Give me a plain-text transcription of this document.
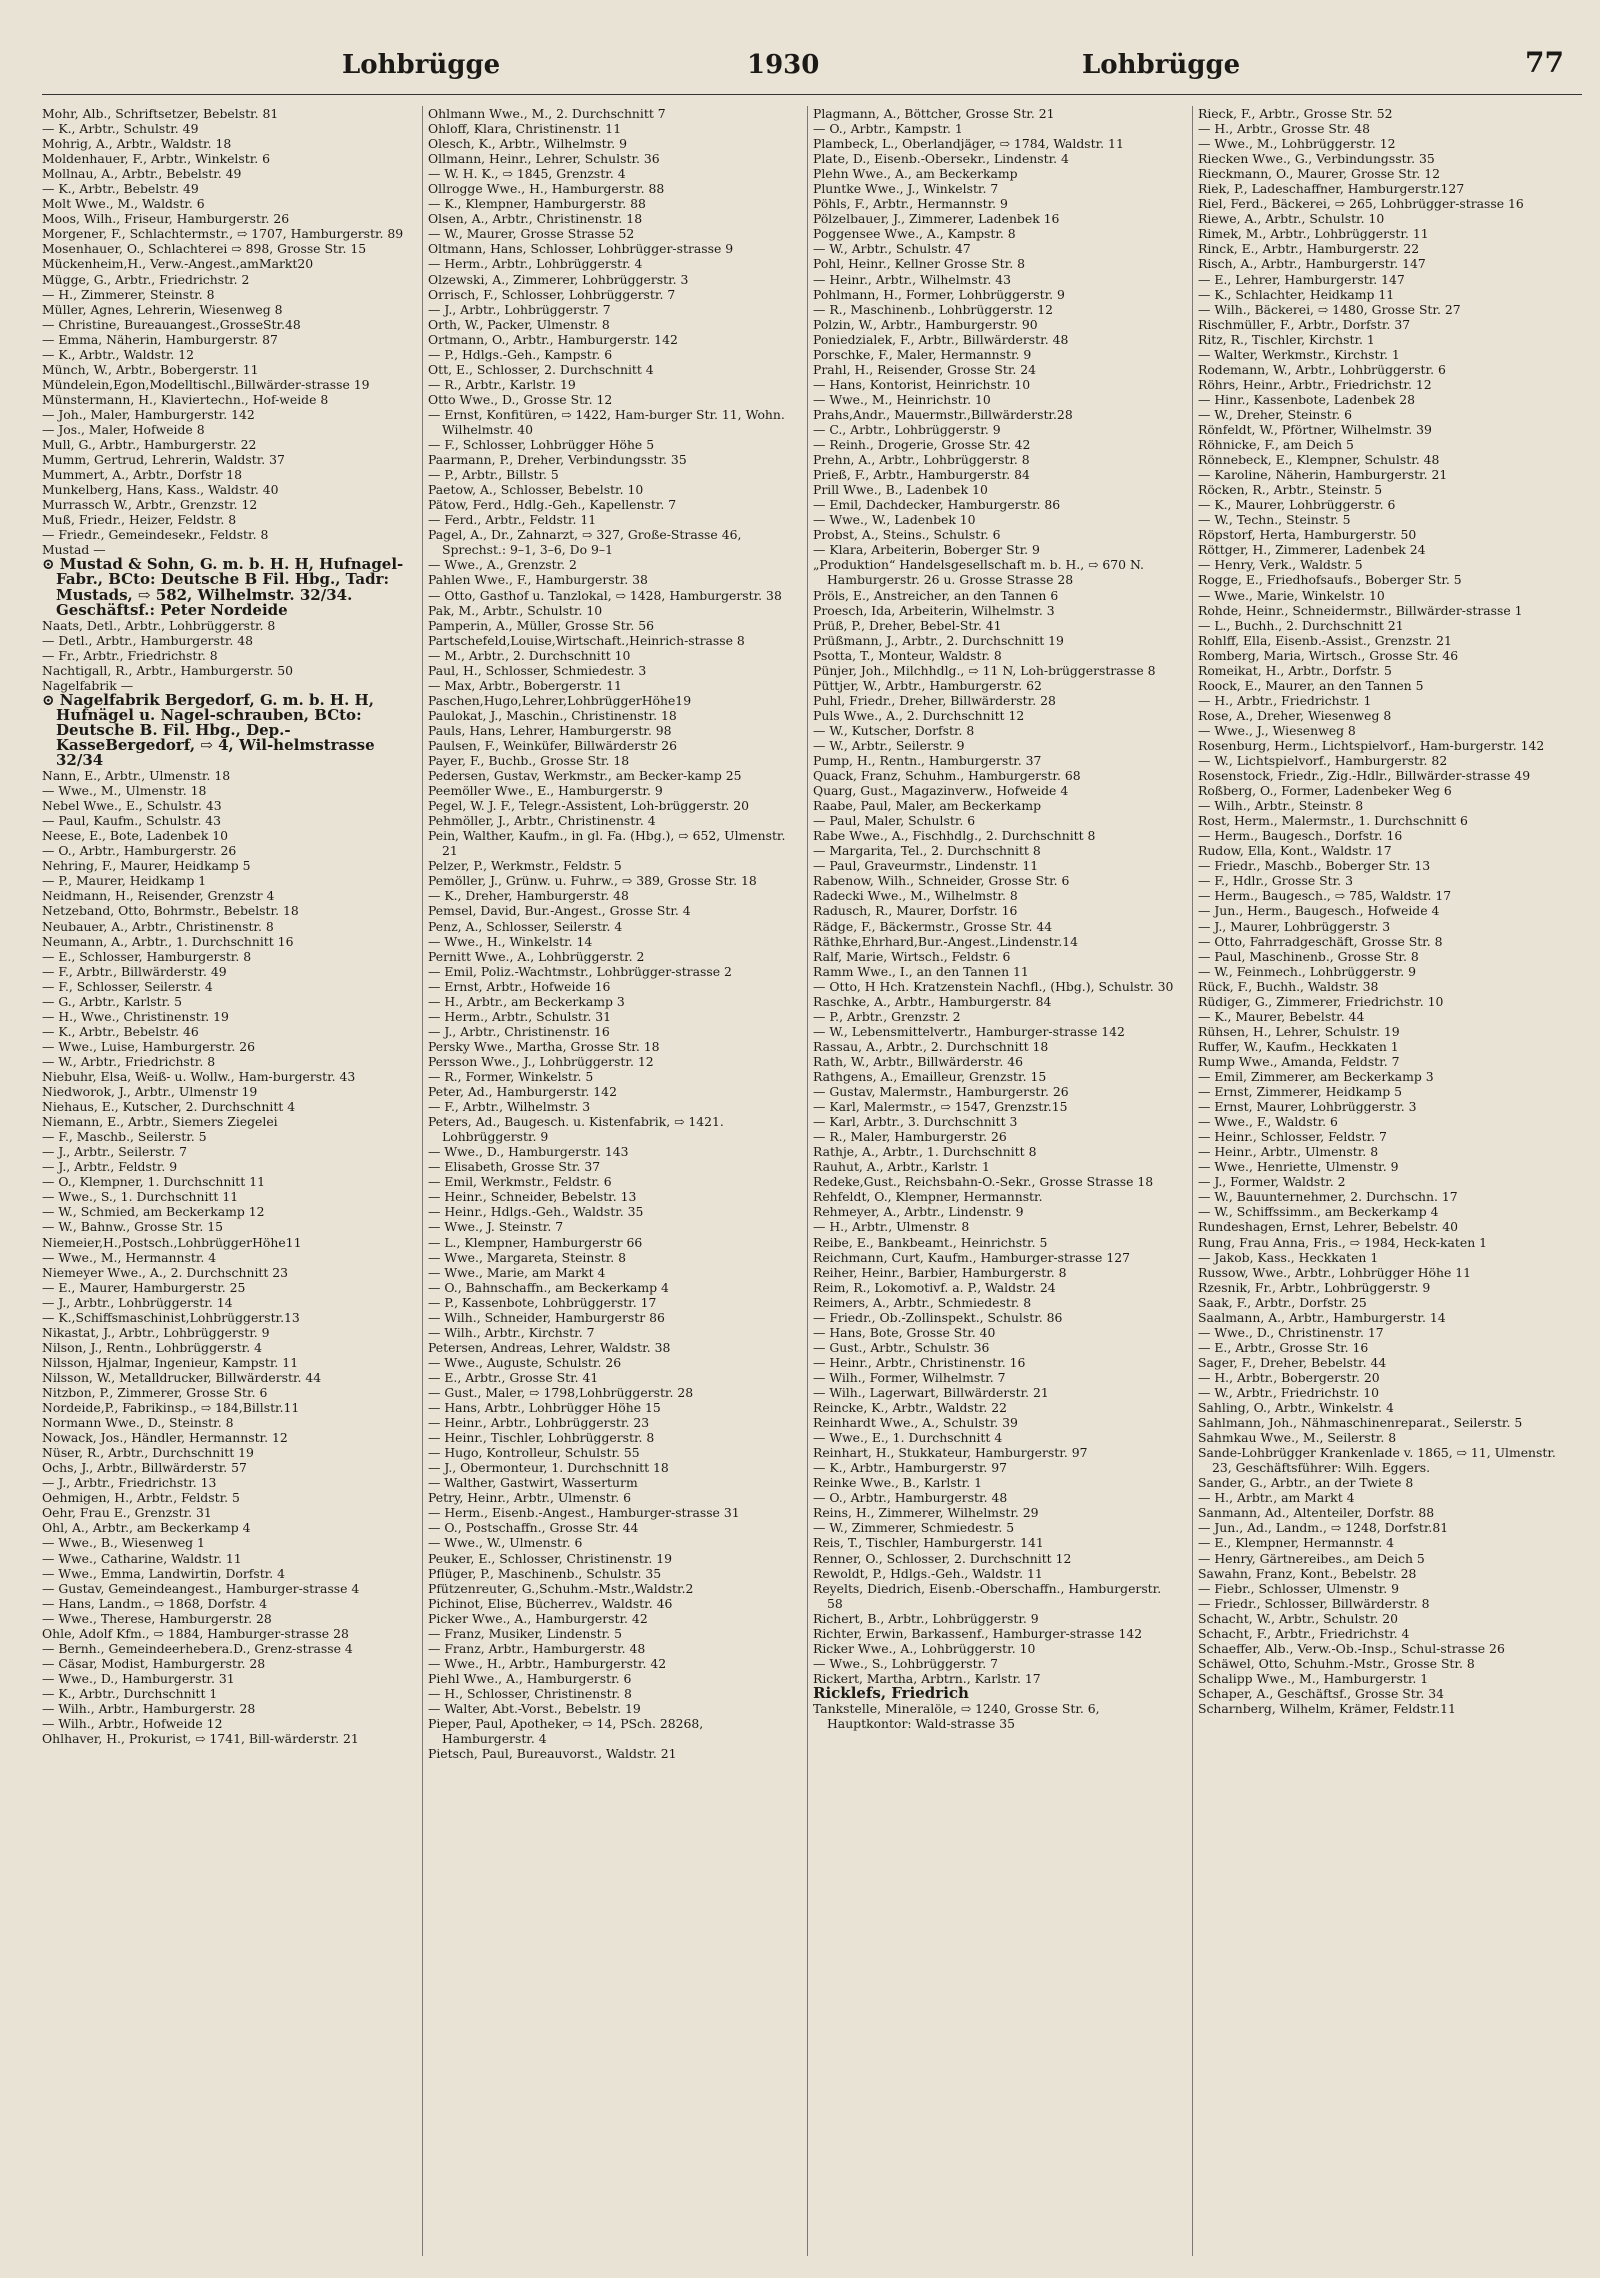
Lohbrügge	1930	Lohbrügge	77

Mohr, Alb., Schriftsetzer, Bebelstr. 81

— K., Arbtr., Schulstr. 49

Mohrig, A., Arbtr., Waldstr. 18

Moldenhauer, F., Arbtr., Winkelstr. 6

Mollnau, A., Arbtr., Bebelstr. 49

— K., Arbtr., Bebelstr. 49

Molt Wwe., M., Waldstr. 6

Moos, Wilh., Friseur, Hamburgerstr. 26

Morgener, F., Schlachtermstr., ⇨ 1707, Hamburgerstr. 89

Mosenhauer, O., Schlachterei ⇨ 898, Grosse Str. 15

Mückenheim,H., Verw.-Angest.,amMarkt20

Mügge, G., Arbtr., Friedrichstr. 2

— H., Zimmerer, Steinstr. 8

Müller, Agnes, Lehrerin, Wiesenweg 8

— Christine, Bureauangest.,GrosseStr.48

— Emma, Näherin, Hamburgerstr. 87

— K., Arbtr., Waldstr. 12

Münch, W., Arbtr., Bobergerstr. 11

Mündelein,Egon,Modelltischl.,Billwärder-strasse 19

Münstermann, H., Klaviertechn., Hof-weide 8

— Joh., Maler, Hamburgerstr. 142

— Jos., Maler, Hofweide 8

Mull, G., Arbtr., Hamburgerstr. 22

Mumm, Gertrud, Lehrerin, Waldstr. 37

Mummert, A., Arbtr., Dorfstr 18

Munkelberg, Hans, Kass., Waldstr. 40

Murrassch W., Arbtr., Grenzstr. 12

Muß, Friedr., Heizer, Feldstr. 8

— Friedr., Gemeindesekr., Feldstr. 8

Mustad —

⊙ Mustad & Sohn, G. m. b. H. H, Hufnagel-Fabr., BCto: Deutsche B Fil. Hbg., Tadr: Mustads, ⇨ 582, Wilhelmstr. 32/34. Geschäftsf.: Peter Nordeide

Naats, Detl., Arbtr., Lohbrüggerstr. 8

— Detl., Arbtr., Hamburgerstr. 48

— Fr., Arbtr., Friedrichstr. 8

Nachtigall, R., Arbtr., Hamburgerstr. 50

Nagelfabrik —

⊙ Nagelfabrik Bergedorf, G. m. b. H. H, Hufnägel u. Nagel-schrauben, BCto: Deutsche B. Fil. Hbg., Dep.-KasseBergedorf, ⇨ 4, Wil-helmstrasse 32/34

Nann, E., Arbtr., Ulmenstr. 18

— Wwe., M., Ulmenstr. 18

Nebel Wwe., E., Schulstr. 43

— Paul, Kaufm., Schulstr. 43

Neese, E., Bote, Ladenbek 10

— O., Arbtr., Hamburgerstr. 26

Nehring, F., Maurer, Heidkamp 5

— P., Maurer, Heidkamp 1

Neidmann, H., Reisender, Grenzstr 4

Netzeband, Otto, Bohrmstr., Bebelstr. 18

Neubauer, A., Arbtr., Christinenstr. 8

Neumann, A., Arbtr., 1. Durchschnitt 16

— E., Schlosser, Hamburgerstr. 8

— F., Arbtr., Billwärderstr. 49

— F., Schlosser, Seilerstr. 4

— G., Arbtr., Karlstr. 5

— H., Wwe., Christinenstr. 19

— K., Arbtr., Bebelstr. 46

— Wwe., Luise, Hamburgerstr. 26

— W., Arbtr., Friedrichstr. 8

Niebuhr, Elsa, Weiß- u. Wollw., Ham-burgerstr. 43

Niedworok, J., Arbtr., Ulmenstr 19

Niehaus, E., Kutscher, 2. Durchschnitt 4

Niemann, E., Arbtr., Siemers Ziegelei

— F., Maschb., Seilerstr. 5

— J., Arbtr., Seilerstr. 7

— J., Arbtr., Feldstr. 9

— O., Klempner, 1. Durchschnitt 11

— Wwe., S., 1. Durchschnitt 11

— W., Schmied, am Beckerkamp 12

— W., Bahnw., Grosse Str. 15

Niemeier,H.,Postsch.,LohbrüggerHöhe11

— Wwe., M., Hermannstr. 4

Niemeyer Wwe., A., 2. Durchschnitt 23

— E., Maurer, Hamburgerstr. 25

— J., Arbtr., Lohbrüggerstr. 14

— K.,Schiffsmaschinist,Lohbrüggerstr.13

Nikastat, J., Arbtr., Lohbrüggerstr. 9

Nilson, J., Rentn., Lohbrüggerstr. 4

Nilsson, Hjalmar, Ingenieur, Kampstr. 11

Nilsson, W., Metalldrucker, Billwärderstr. 44

Nitzbon, P., Zimmerer, Grosse Str. 6

Nordeide,P., Fabrikinsp., ⇨ 184,Billstr.11

Normann Wwe., D., Steinstr. 8

Nowack, Jos., Händler, Hermannstr. 12

Nüser, R., Arbtr., Durchschnitt 19

Ochs, J., Arbtr., Billwärderstr. 57

— J., Arbtr., Friedrichstr. 13

Oehmigen, H., Arbtr., Feldstr. 5

Oehr, Frau E., Grenzstr. 31

Ohl, A., Arbtr., am Beckerkamp 4

— Wwe., B., Wiesenweg 1

— Wwe., Catharine, Waldstr. 11

— Wwe., Emma, Landwirtin, Dorfstr. 4

— Gustav, Gemeindeangest., Hamburger-strasse 4

— Hans, Landm., ⇨ 1868, Dorfstr. 4

— Wwe., Therese, Hamburgerstr. 28

Ohle, Adolf Kfm., ⇨ 1884, Hamburger-strasse 28

— Bernh., Gemeindeerhebera.D., Grenz-strasse 4

— Cäsar, Modist, Hamburgerstr. 28

— Wwe., D., Hamburgerstr. 31

— K., Arbtr., Durchschnitt 1

— Wilh., Arbtr., Hamburgerstr. 28

— Wilh., Arbtr., Hofweide 12

Ohlhaver, H., Prokurist, ⇨ 1741, Bill-wärderstr. 21

Ohlmann Wwe., M., 2. Durchschnitt 7

Ohloff, Klara, Christinenstr. 11

Olesch, K., Arbtr., Wilhelmstr. 9

Ollmann, Heinr., Lehrer, Schulstr. 36

— W. H. K., ⇨ 1845, Grenzstr. 4

Ollrogge Wwe., H., Hamburgerstr. 88

— K., Klempner, Hamburgerstr. 88

Olsen, A., Arbtr., Christinenstr. 18

— W., Maurer, Grosse Strasse 52

Oltmann, Hans, Schlosser, Lohbrügger-strasse 9

— Herm., Arbtr., Lohbrüggerstr. 4

Olzewski, A., Zimmerer, Lohbrüggerstr. 3

Orrisch, F., Schlosser, Lohbrüggerstr. 7

— J., Arbtr., Lohbrüggerstr. 7

Orth, W., Packer, Ulmenstr. 8

Ortmann, O., Arbtr., Hamburgerstr. 142

— P., Hdlgs.-Geh., Kampstr. 6

Ott, E., Schlosser, 2. Durchschnitt 4

— R., Arbtr., Karlstr. 19

Otto Wwe., D., Grosse Str. 12

— Ernst, Konfitüren, ⇨ 1422, Ham-burger Str. 11, Wohn. Wilhelmstr. 40

— F., Schlosser, Lohbrügger Höhe 5

Paarmann, P., Dreher, Verbindungsstr. 35

— P., Arbtr., Billstr. 5

Paetow, A., Schlosser, Bebelstr. 10

Pätow, Ferd., Hdlg.-Geh., Kapellenstr. 7

— Ferd., Arbtr., Feldstr. 11

Pagel, A., Dr., Zahnarzt, ⇨ 327, Große-Strasse 46, Sprechst.: 9–1, 3–6, Do 9–1

— Wwe., A., Grenzstr. 2

Pahlen Wwe., F., Hamburgerstr. 38

— Otto, Gasthof u. Tanzlokal, ⇨ 1428, Hamburgerstr. 38

Pak, M., Arbtr., Schulstr. 10

Pamperin, A., Müller, Grosse Str. 56

Partschefeld,Louise,Wirtschaft.,Heinrich-strasse 8

— M., Arbtr., 2. Durchschnitt 10

Paul, H., Schlosser, Schmiedestr. 3

— Max, Arbtr., Bobergerstr. 11

Paschen,Hugo,Lehrer,LohbrüggerHöhe19

Paulokat, J., Maschin., Christinenstr. 18

Pauls, Hans, Lehrer, Hamburgerstr. 98

Paulsen, F., Weinküfer, Billwärderstr 26

Payer, F., Buchb., Grosse Str. 18

Pedersen, Gustav, Werkmstr., am Becker-kamp 25

Peemöller Wwe., E., Hamburgerstr. 9

Pegel, W. J. F., Telegr.-Assistent, Loh-brüggerstr. 20

Pehmöller, J., Arbtr., Christinenstr. 4

Pein, Walther, Kaufm., in gl. Fa. (Hbg.), ⇨ 652, Ulmenstr. 21

Pelzer, P., Werkmstr., Feldstr. 5

Pemöller, J., Grünw. u. Fuhrw., ⇨ 389, Grosse Str. 18

— K., Dreher, Hamburgerstr. 48

Pemsel, David, Bur.-Angest., Grosse Str. 4

Penz, A., Schlosser, Seilerstr. 4

— Wwe., H., Winkelstr. 14

Pernitt Wwe., A., Lohbrüggerstr. 2

— Emil, Poliz.-Wachtmstr., Lohbrügger-strasse 2

— Ernst, Arbtr., Hofweide 16

— H., Arbtr., am Beckerkamp 3

— Herm., Arbtr., Schulstr. 31

— J., Arbtr., Christinenstr. 16

Persky Wwe., Martha, Grosse Str. 18

Persson Wwe., J., Lohbrüggerstr. 12

— R., Former, Winkelstr. 5

Peter, Ad., Hamburgerstr. 142

— F., Arbtr., Wilhelmstr. 3

Peters, Ad., Baugesch. u. Kistenfabrik, ⇨ 1421. Lohbrüggerstr. 9

— Wwe., D., Hamburgerstr. 143

— Elisabeth, Grosse Str. 37

— Emil, Werkmstr., Feldstr. 6

— Heinr., Schneider, Bebelstr. 13

— Heinr., Hdlgs.-Geh., Waldstr. 35

— Wwe., J. Steinstr. 7

— L., Klempner, Hamburgerstr 66

— Wwe., Margareta, Steinstr. 8

— Wwe., Marie, am Markt 4

— O., Bahnschaffn., am Beckerkamp 4

— P., Kassenbote, Lohbrüggerstr. 17

— Wilh., Schneider, Hamburgerstr 86

— Wilh., Arbtr., Kirchstr. 7

Petersen, Andreas, Lehrer, Waldstr. 38

— Wwe., Auguste, Schulstr. 26

— E., Arbtr., Grosse Str. 41

— Gust., Maler, ⇨ 1798,Lohbrüggerstr. 28

— Hans, Arbtr., Lohbrügger Höhe 15

— Heinr., Arbtr., Lohbrüggerstr. 23

— Heinr., Tischler, Lohbrüggerstr. 8

— Hugo, Kontrolleur, Schulstr. 55

— J., Obermonteur, 1. Durchschnitt 18

— Walther, Gastwirt, Wasserturm

Petry, Heinr., Arbtr., Ulmenstr. 6

— Herm., Eisenb.-Angest., Hamburger-strasse 31

— O., Postschaffn., Grosse Str. 44

— Wwe., W., Ulmenstr. 6

Peuker, E., Schlosser, Christinenstr. 19

Pflüger, P., Maschinenb., Schulstr. 35

Pfützenreuter, G.,Schuhm.-Mstr.,Waldstr.2

Pichinot, Elise, Bücherrev., Waldstr. 46

Picker Wwe., A., Hamburgerstr. 42

— Franz, Musiker, Lindenstr. 5

— Franz, Arbtr., Hamburgerstr. 48

— Wwe., H., Arbtr., Hamburgerstr. 42

Piehl Wwe., A., Hamburgerstr. 6

— H., Schlosser, Christinenstr. 8

— Walter, Abt.-Vorst., Bebelstr. 19

Pieper, Paul, Apotheker, ⇨ 14, PSch. 28268, Hamburgerstr. 4

Pietsch, Paul, Bureauvorst., Waldstr. 21

Plagmann, A., Böttcher, Grosse Str. 21

— O., Arbtr., Kampstr. 1

Plambeck, L., Oberlandjäger, ⇨ 1784, Waldstr. 11

Plate, D., Eisenb.-Obersekr., Lindenstr. 4

Plehn Wwe., A., am Beckerkamp

Pluntke Wwe., J., Winkelstr. 7

Pöhls, F., Arbtr., Hermannstr. 9

Pölzelbauer, J., Zimmerer, Ladenbek 16

Poggensee Wwe., A., Kampstr. 8

— W., Arbtr., Schulstr. 47

Pohl, Heinr., Kellner Grosse Str. 8

— Heinr., Arbtr., Wilhelmstr. 43

Pohlmann, H., Former, Lohbrüggerstr. 9

— R., Maschinenb., Lohbrüggerstr. 12

Polzin, W., Arbtr., Hamburgerstr. 90

Poniedzialek, F., Arbtr., Billwärderstr. 48

Porschke, F., Maler, Hermannstr. 9

Prahl, H., Reisender, Grosse Str. 24

— Hans, Kontorist, Heinrichstr. 10

— Wwe., M., Heinrichstr. 10

Prahs,Andr., Mauermstr.,Billwärderstr.28

— C., Arbtr., Lohbrüggerstr. 9

— Reinh., Drogerie, Grosse Str. 42

Prehn, A., Arbtr., Lohbrüggerstr. 8

Prieß, F., Arbtr., Hamburgerstr. 84

Prill Wwe., B., Ladenbek 10

— Emil, Dachdecker, Hamburgerstr. 86

— Wwe., W., Ladenbek 10

Probst, A., Steins., Schulstr. 6

— Klara, Arbeiterin, Boberger Str. 9

„Produktion“ Handelsgesellschaft m. b. H., ⇨ 670 N. Hamburgerstr. 26 u. Grosse Strasse 28

Pröls, E., Anstreicher, an den Tannen 6

Proesch, Ida, Arbeiterin, Wilhelmstr. 3

Prüß, P., Dreher, Bebel-Str. 41

Prüßmann, J., Arbtr., 2. Durchschnitt 19

Psotta, T., Monteur, Waldstr. 8

Pünjer, Joh., Milchhdlg., ⇨ 11 N, Loh-brüggerstrasse 8

Püttjer, W., Arbtr., Hamburgerstr. 62

Puhl, Friedr., Dreher, Billwärderstr. 28

Puls Wwe., A., 2. Durchschnitt 12

— W., Kutscher, Dorfstr. 8

— W., Arbtr., Seilerstr. 9

Pump, H., Rentn., Hamburgerstr. 37

Quack, Franz, Schuhm., Hamburgerstr. 68

Quarg, Gust., Magazinverw., Hofweide 4

Raabe, Paul, Maler, am Beckerkamp

— Paul, Maler, Schulstr. 6

Rabe Wwe., A., Fischhdlg., 2. Durchschnitt 8

— Margarita, Tel., 2. Durchschnitt 8

— Paul, Graveurmstr., Lindenstr. 11

Rabenow, Wilh., Schneider, Grosse Str. 6

Radecki Wwe., M., Wilhelmstr. 8

Radusch, R., Maurer, Dorfstr. 16

Rädge, F., Bäckermstr., Grosse Str. 44

Räthke,Ehrhard,Bur.-Angest.,Lindenstr.14

Ralf, Marie, Wirtsch., Feldstr. 6

Ramm Wwe., I., an den Tannen 11

— Otto, H Hch. Kratzenstein Nachfl., (Hbg.), Schulstr. 30

Raschke, A., Arbtr., Hamburgerstr. 84

— P., Arbtr., Grenzstr. 2

— W., Lebensmittelvertr., Hamburger-strasse 142

Rassau, A., Arbtr., 2. Durchschnitt 18

Rath, W., Arbtr., Billwärderstr. 46

Rathgens, A., Emailleur, Grenzstr. 15

— Gustav, Malermstr., Hamburgerstr. 26

— Karl, Malermstr., ⇨ 1547, Grenzstr.15

— Karl, Arbtr., 3. Durchschnitt 3

— R., Maler, Hamburgerstr. 26

Rathje, A., Arbtr., 1. Durchschnitt 8

Rauhut, A., Arbtr., Karlstr. 1

Redeke,Gust., Reichsbahn-O.-Sekr., Grosse Strasse 18

Rehfeldt, O., Klempner, Hermannstr.

Rehmeyer, A., Arbtr., Lindenstr. 9

— H., Arbtr., Ulmenstr. 8

Reibe, E., Bankbeamt., Heinrichstr. 5

Reichmann, Curt, Kaufm., Hamburger-strasse 127

Reiher, Heinr., Barbier, Hamburgerstr. 8

Reim, R., Lokomotivf. a. P., Waldstr. 24

Reimers, A., Arbtr., Schmiedestr. 8

— Friedr., Ob.-Zollinspekt., Schulstr. 86

— Hans, Bote, Grosse Str. 40

— Gust., Arbtr., Schulstr. 36

— Heinr., Arbtr., Christinenstr. 16

— Wilh., Former, Wilhelmstr. 7

— Wilh., Lagerwart, Billwärderstr. 21

Reincke, K., Arbtr., Waldstr. 22

Reinhardt Wwe., A., Schulstr. 39

— Wwe., E., 1. Durchschnitt 4

Reinhart, H., Stukkateur, Hamburgerstr. 97

— K., Arbtr., Hamburgerstr. 97

Reinke Wwe., B., Karlstr. 1

— O., Arbtr., Hamburgerstr. 48

Reins, H., Zimmerer, Wilhelmstr. 29

— W., Zimmerer, Schmiedestr. 5

Reis, T., Tischler, Hamburgerstr. 141

Renner, O., Schlosser, 2. Durchschnitt 12

Rewoldt, P., Hdlgs.-Geh., Waldstr. 11

Reyelts, Diedrich, Eisenb.-Oberschaffn., Hamburgerstr. 58

Richert, B., Arbtr., Lohbrüggerstr. 9

Richter, Erwin, Barkassenf., Hamburger-strasse 142

Ricker Wwe., A., Lohbrüggerstr. 10

— Wwe., S., Lohbrüggerstr. 7

Rickert, Martha, Arbtrn., Karlstr. 17

Ricklefs, Friedrich

Tankstelle, Mineralöle, ⇨ 1240, Grosse Str. 6, Hauptkontor: Wald-strasse 35

Rieck, F., Arbtr., Grosse Str. 52

— H., Arbtr., Grosse Str. 48

— Wwe., M., Lohbrüggerstr. 12

Riecken Wwe., G., Verbindungsstr. 35

Rieckmann, O., Maurer, Grosse Str. 12

Riek, P., Ladeschaffner, Hamburgerstr.127

Riel, Ferd., Bäckerei, ⇨ 265, Lohbrügger-strasse 16

Riewe, A., Arbtr., Schulstr. 10

Rimek, M., Arbtr., Lohbrüggerstr. 11

Rinck, E., Arbtr., Hamburgerstr. 22

Risch, A., Arbtr., Hamburgerstr. 147

— E., Lehrer, Hamburgerstr. 147

— K., Schlachter, Heidkamp 11

— Wilh., Bäckerei, ⇨ 1480, Grosse Str. 27

Rischmüller, F., Arbtr., Dorfstr. 37

Ritz, R., Tischler, Kirchstr. 1

— Walter, Werkmstr., Kirchstr. 1

Rodemann, W., Arbtr., Lohbrüggerstr. 6

Röhrs, Heinr., Arbtr., Friedrichstr. 12

— Hinr., Kassenbote, Ladenbek 28

— W., Dreher, Steinstr. 6

Rönfeldt, W., Pförtner, Wilhelmstr. 39

Röhnicke, F., am Deich 5

Rönnebeck, E., Klempner, Schulstr. 48

— Karoline, Näherin, Hamburgerstr. 21

Röcken, R., Arbtr., Steinstr. 5

— K., Maurer, Lohbrüggerstr. 6

— W., Techn., Steinstr. 5

Röpstorf, Herta, Hamburgerstr. 50

Röttger, H., Zimmerer, Ladenbek 24

— Henry, Verk., Waldstr. 5

Rogge, E., Friedhofsaufs., Boberger Str. 5

— Wwe., Marie, Winkelstr. 10

Rohde, Heinr., Schneidermstr., Billwärder-strasse 1

— L., Buchh., 2. Durchschnitt 21

Rohlff, Ella, Eisenb.-Assist., Grenzstr. 21

Romberg, Maria, Wirtsch., Grosse Str. 46

Romeikat, H., Arbtr., Dorfstr. 5

Roock, E., Maurer, an den Tannen 5

— H., Arbtr., Friedrichstr. 1

Rose, A., Dreher, Wiesenweg 8

— Wwe., J., Wiesenweg 8

Rosenburg, Herm., Lichtspielvorf., Ham-burgerstr. 142

— W., Lichtspielvorf., Hamburgerstr. 82

Rosenstock, Friedr., Zig.-Hdlr., Billwärder-strasse 49

Roßberg, O., Former, Ladenbeker Weg 6

— Wilh., Arbtr., Steinstr. 8

Rost, Herm., Malermstr., 1. Durchschnitt 6

— Herm., Baugesch., Dorfstr. 16

Rudow, Ella, Kont., Waldstr. 17

— Friedr., Maschb., Boberger Str. 13

— F., Hdlr., Grosse Str. 3

— Herm., Baugesch., ⇨ 785, Waldstr. 17

— Jun., Herm., Baugesch., Hofweide 4

— J., Maurer, Lohbrüggerstr. 3

— Otto, Fahrradgeschäft, Grosse Str. 8

— Paul, Maschinenb., Grosse Str. 8

— W., Feinmech., Lohbrüggerstr. 9

Rück, F., Buchh., Waldstr. 38

Rüdiger, G., Zimmerer, Friedrichstr. 10

— K., Maurer, Bebelstr. 44

Rühsen, H., Lehrer, Schulstr. 19

Ruffer, W., Kaufm., Heckkaten 1

Rump Wwe., Amanda, Feldstr. 7

— Emil, Zimmerer, am Beckerkamp 3

— Ernst, Zimmerer, Heidkamp 5

— Ernst, Maurer, Lohbrüggerstr. 3

— Wwe., F., Waldstr. 6

— Heinr., Schlosser, Feldstr. 7

— Heinr., Arbtr., Ulmenstr. 8

— Wwe., Henriette, Ulmenstr. 9

— J., Former, Waldstr. 2

— W., Bauunternehmer, 2. Durchschn. 17

— W., Schiffssimm., am Beckerkamp 4

Rundeshagen, Ernst, Lehrer, Bebelstr. 40

Rung, Frau Anna, Fris., ⇨ 1984, Heck-katen 1

— Jakob, Kass., Heckkaten 1

Russow, Wwe., Arbtr., Lohbrügger Höhe 11

Rzesnik, Fr., Arbtr., Lohbrüggerstr. 9

Saak, F., Arbtr., Dorfstr. 25

Saalmann, A., Arbtr., Hamburgerstr. 14

— Wwe., D., Christinenstr. 17

— E., Arbtr., Grosse Str. 16

Sager, F., Dreher, Bebelstr. 44

— H., Arbtr., Bobergerstr. 20

— W., Arbtr., Friedrichstr. 10

Sahling, O., Arbtr., Winkelstr. 4

Sahlmann, Joh., Nähmaschinenreparat., Seilerstr. 5

Sahmkau Wwe., M., Seilerstr. 8

Sande-Lohbrügger Krankenlade v. 1865, ⇨ 11, Ulmenstr. 23, Geschäftsführer: Wilh. Eggers.

Sander, G., Arbtr., an der Twiete 8

— H., Arbtr., am Markt 4

Sanmann, Ad., Altenteiler, Dorfstr. 88

— Jun., Ad., Landm., ⇨ 1248, Dorfstr.81

— E., Klempner, Hermannstr. 4

— Henry, Gärtnereibes., am Deich 5

Sawahn, Franz, Kont., Bebelstr. 28

— Fiebr., Schlosser, Ulmenstr. 9

— Friedr., Schlosser, Billwärderstr. 8

Schacht, W., Arbtr., Schulstr. 20

Schacht, F., Arbtr., Friedrichstr. 4

Schaeffer, Alb., Verw.-Ob.-Insp., Schul-strasse 26

Schäwel, Otto, Schuhm.-Mstr., Grosse Str. 8

Schalipp Wwe., M., Hamburgerstr. 1

Schaper, A., Geschäftsf., Grosse Str. 34

Scharnberg, Wilhelm, Krämer, Feldstr.11
